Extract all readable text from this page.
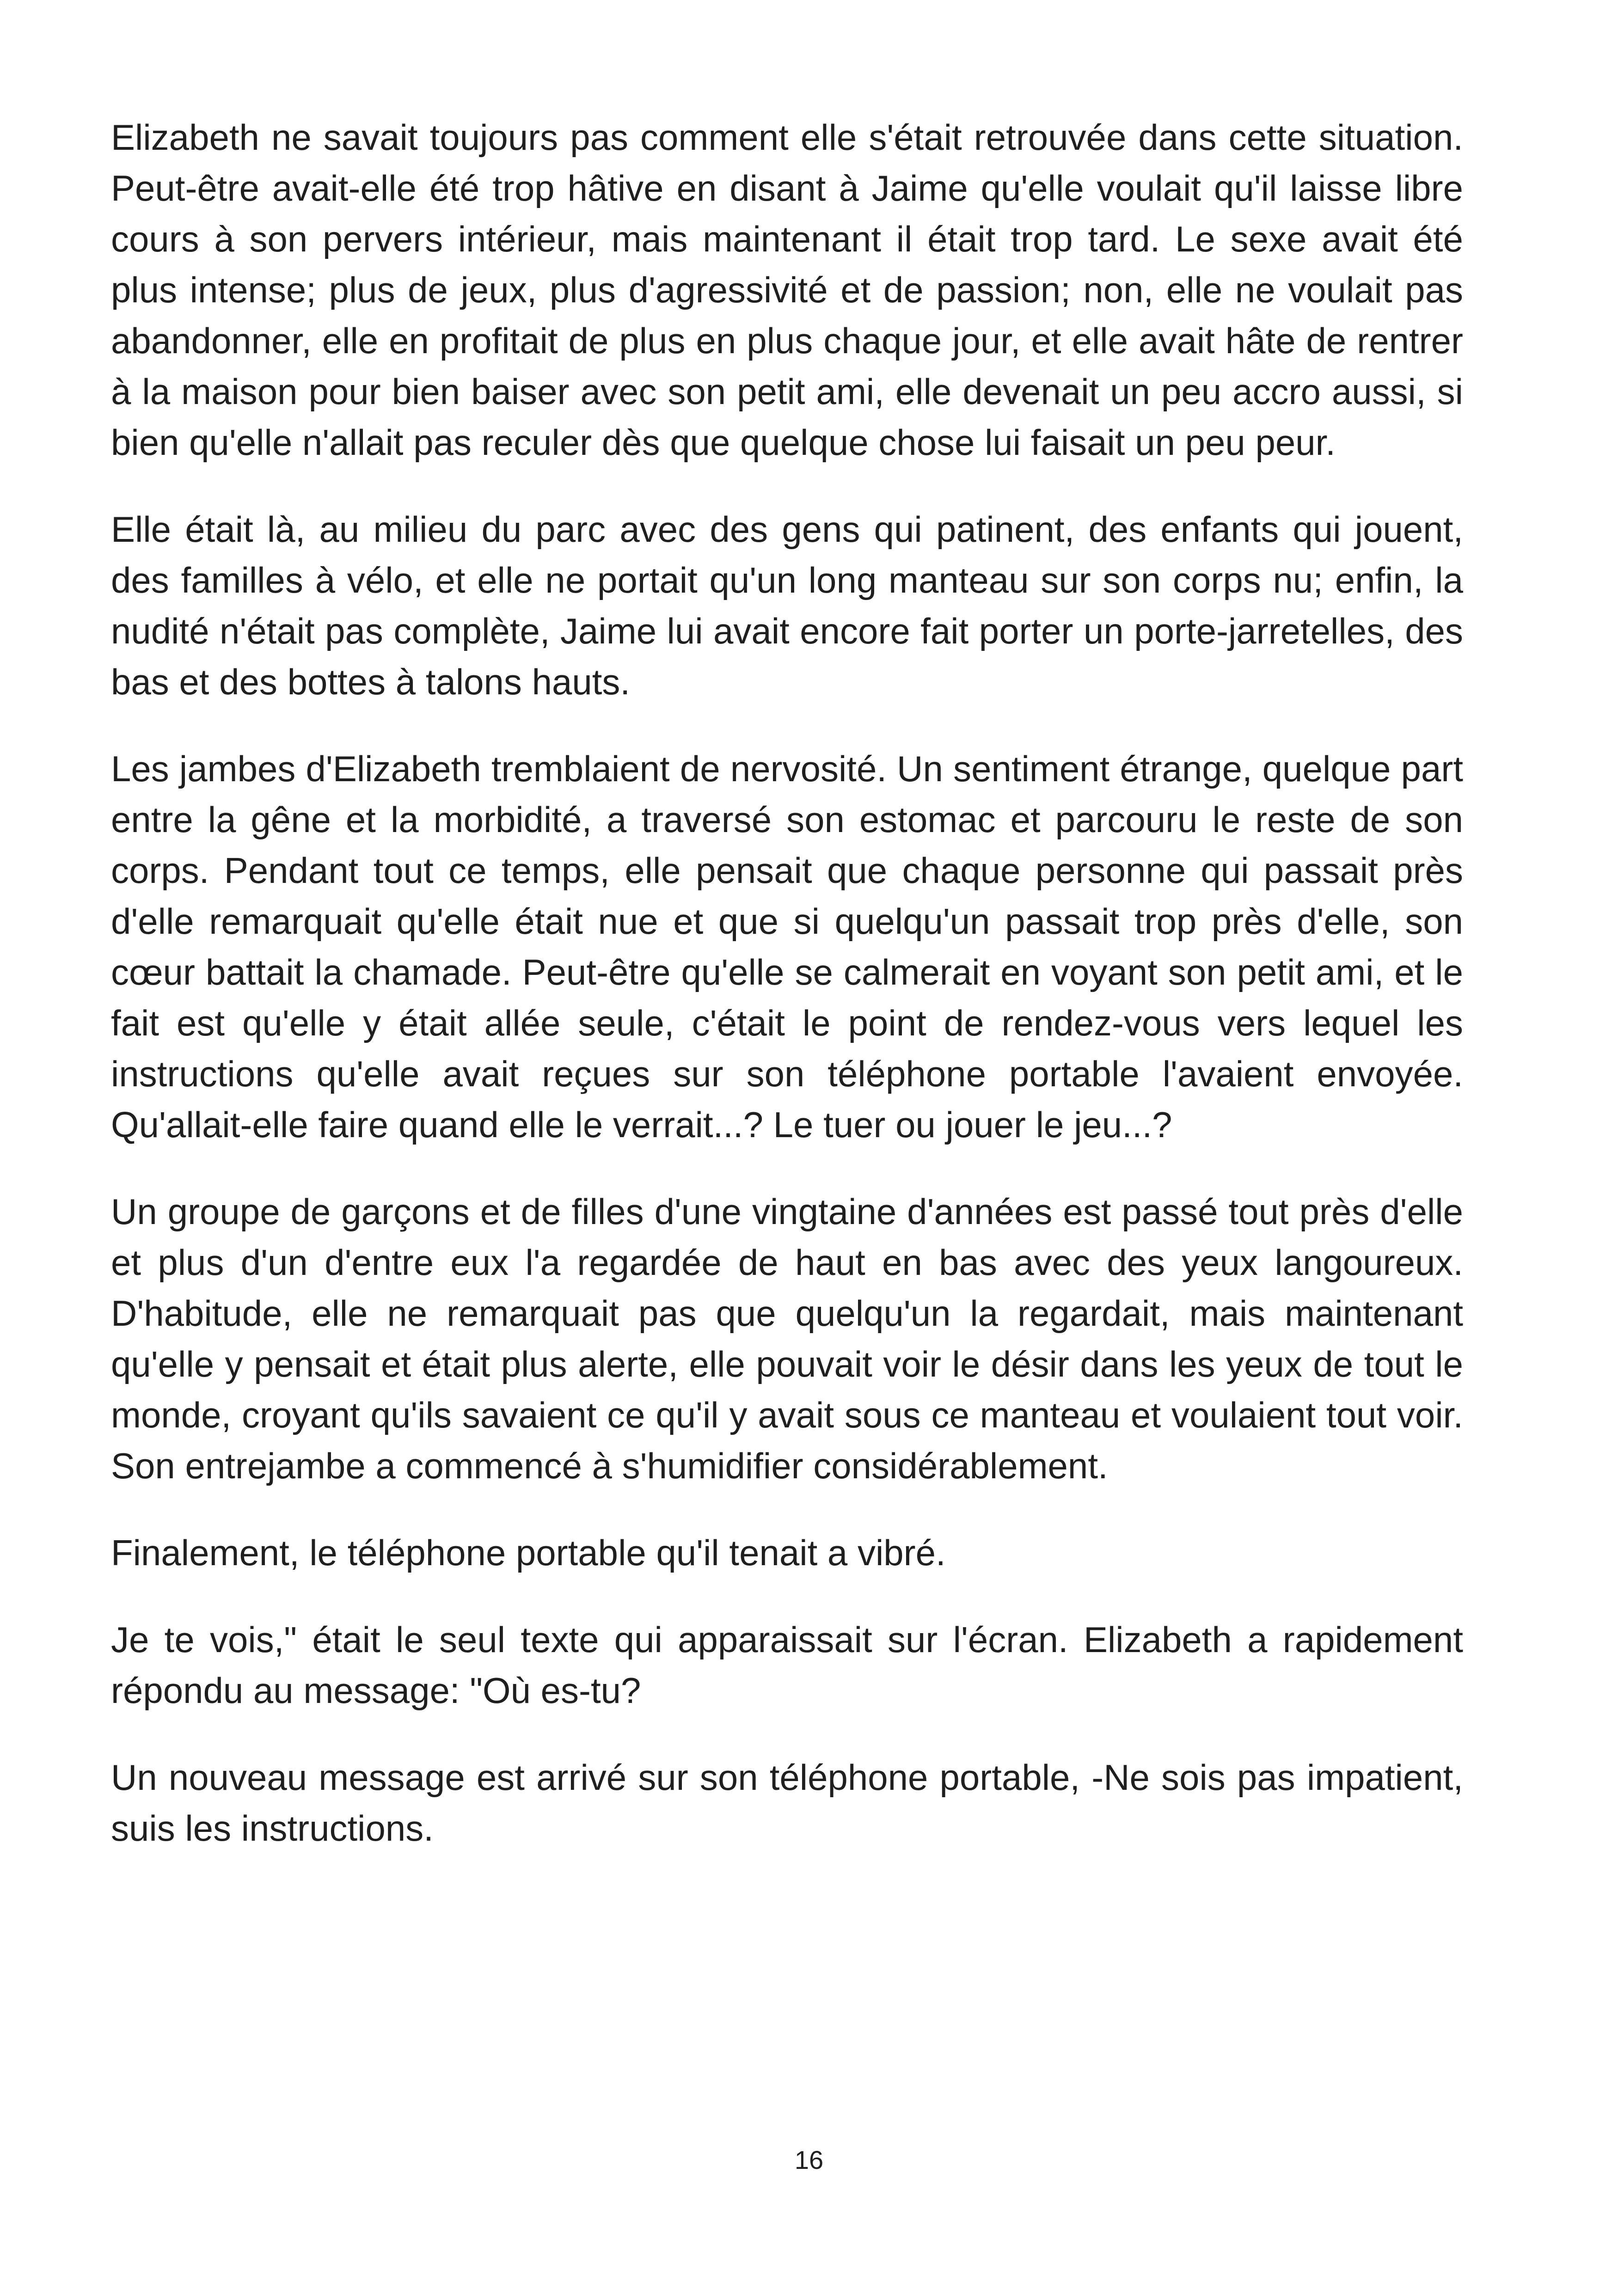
Elizabeth ne savait toujours pas comment elle s'était retrouvée dans cette situation. Peut-être avait-elle été trop hâtive en disant à Jaime qu'elle voulait qu'il laisse libre cours à son pervers intérieur, mais maintenant il était trop tard. Le sexe avait été plus intense; plus de jeux, plus d'agressivité et de passion; non, elle ne voulait pas abandonner, elle en profitait de plus en plus chaque jour, et elle avait hâte de rentrer à la maison pour bien baiser avec son petit ami, elle devenait un peu accro aussi, si bien qu'elle n'allait pas reculer dès que quelque chose lui faisait un peu peur.

Elle était là, au milieu du parc avec des gens qui patinent, des enfants qui jouent, des familles à vélo, et elle ne portait qu'un long manteau sur son corps nu; enfin, la nudité n'était pas complète, Jaime lui avait encore fait porter un porte-jarretelles, des bas et des bottes à talons hauts.

Les jambes d'Elizabeth tremblaient de nervosité. Un sentiment étrange, quelque part entre la gêne et la morbidité, a traversé son estomac et parcouru le reste de son corps. Pendant tout ce temps, elle pensait que chaque personne qui passait près d'elle remarquait qu'elle était nue et que si quelqu'un passait trop près d'elle, son cœur battait la chamade. Peut-être qu'elle se calmerait en voyant son petit ami, et le fait est qu'elle y était allée seule, c'était le point de rendez-vous vers lequel les instructions qu'elle avait reçues sur son téléphone portable l'avaient envoyée. Qu'allait-elle faire quand elle le verrait...? Le tuer ou jouer le jeu...?

Un groupe de garçons et de filles d'une vingtaine d'années est passé tout près d'elle et plus d'un d'entre eux l'a regardée de haut en bas avec des yeux langoureux. D'habitude, elle ne remarquait pas que quelqu'un la regardait, mais maintenant qu'elle y pensait et était plus alerte, elle pouvait voir le désir dans les yeux de tout le monde, croyant qu'ils savaient ce qu'il y avait sous ce manteau et voulaient tout voir. Son entrejambe a commencé à s'humidifier considérablement.

Finalement, le téléphone portable qu'il tenait a vibré.

Je te vois," était le seul texte qui apparaissait sur l'écran. Elizabeth a rapidement répondu au message: "Où es-tu?

Un nouveau message est arrivé sur son téléphone portable, -Ne sois pas impatient, suis les instructions.

16
